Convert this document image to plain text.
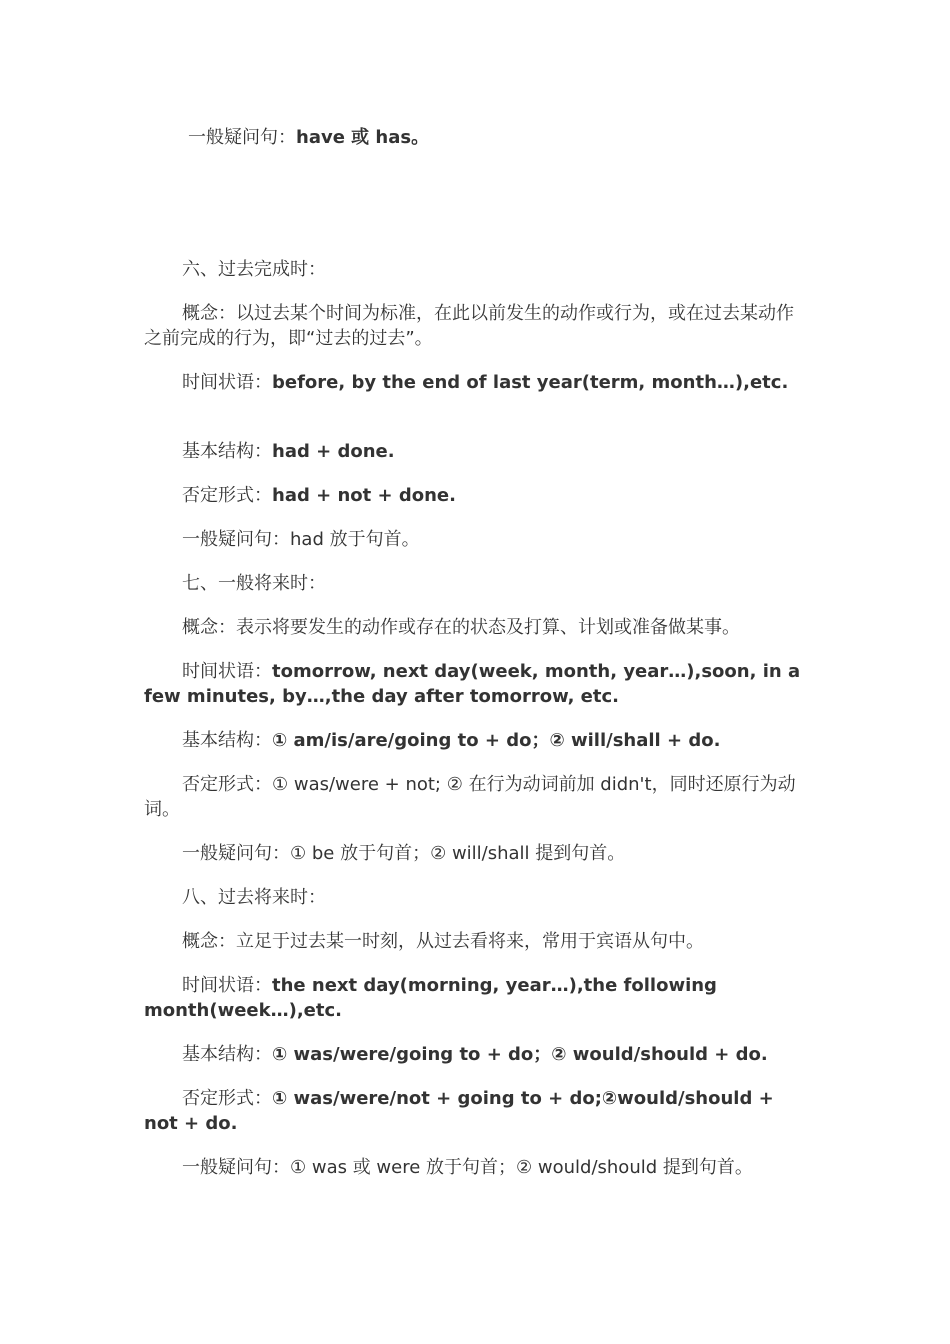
一般疑问句：have 或 has。

六、过去完成时：

概念：以过去某个时间为标准，在此以前发生的动作或行为，或在过去某动作之前完成的行为，即“过去的过去”。

时间状语：before, by the end of last year(term, month…),etc.

基本结构：had + done.

否定形式：had + not + done.

一般疑问句：had 放于句首。

七、一般将来时：

概念：表示将要发生的动作或存在的状态及打算、计划或准备做某事。

时间状语：tomorrow, next day(week, month, year…),soon, in a few minutes, by…,the day after tomorrow, etc.

基本结构：① am/is/are/going to + do；② will/shall + do.

否定形式：① was/were + not; ② 在行为动词前加 didn't，同时还原行为动词。

一般疑问句：① be 放于句首；② will/shall 提到句首。

八、过去将来时：

概念：立足于过去某一时刻，从过去看将来，常用于宾语从句中。

时间状语：the next day(morning, year…),the following month(week…),etc.

基本结构：① was/were/going to + do；② would/should + do.

否定形式：① was/were/not + going to + do;②would/should + not + do.

一般疑问句：① was 或 were 放于句首；② would/should 提到句首。
